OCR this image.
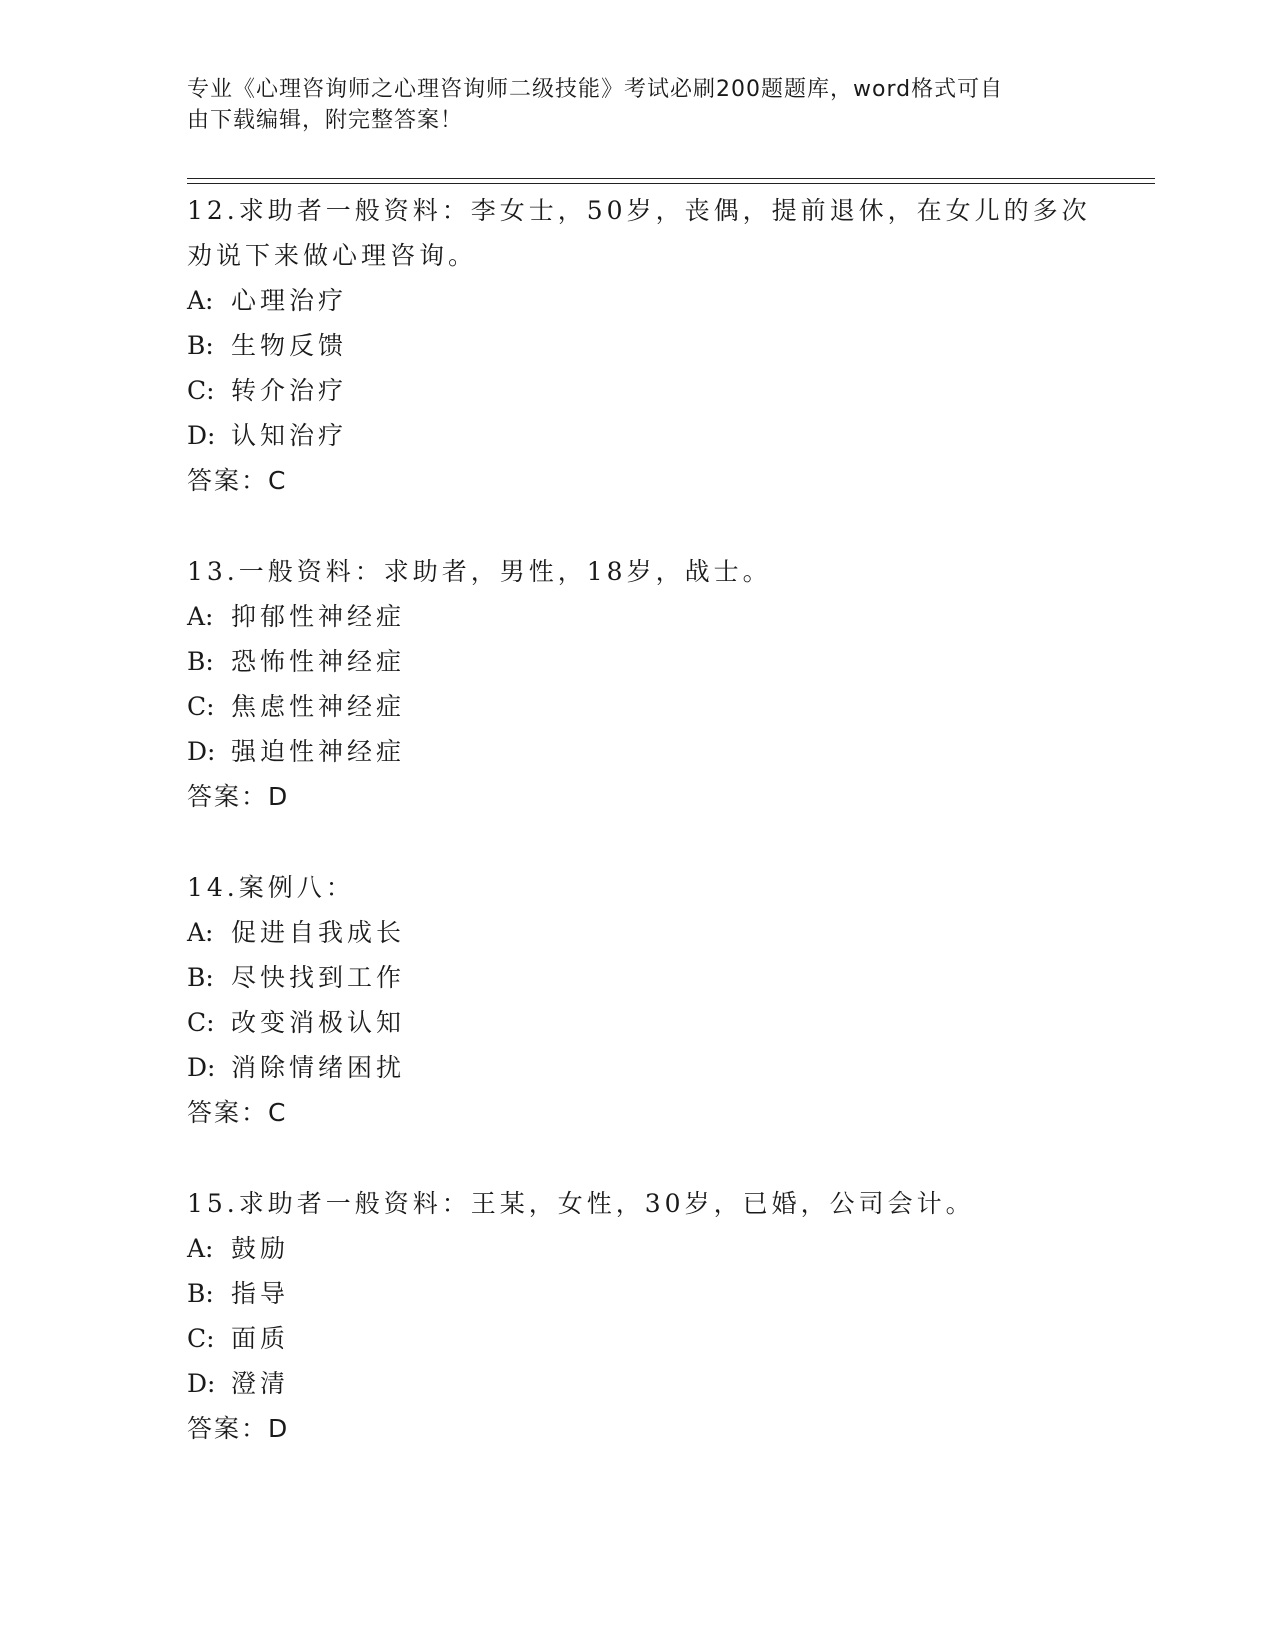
专业《心理咨询师之心理咨询师二级技能》考试必刷200题题库，word格式可自
由下载编辑，附完整答案！
12.求助者一般资料：李女士，50岁，丧偶，提前退休，在女儿的多次
劝说下来做心理咨询。
A: 心理治疗
B: 生物反馈
C: 转介治疗
D: 认知治疗
答案：C
13.一般资料：求助者，男性，18岁，战士。
A: 抑郁性神经症
B: 恐怖性神经症
C: 焦虑性神经症
D: 强迫性神经症
答案：D
14.案例八：
A: 促进自我成长
B: 尽快找到工作
C: 改变消极认知
D: 消除情绪困扰
答案：C
15.求助者一般资料：王某，女性，30岁，已婚，公司会计。
A: 鼓励
B: 指导
C: 面质
D: 澄清
答案：D
